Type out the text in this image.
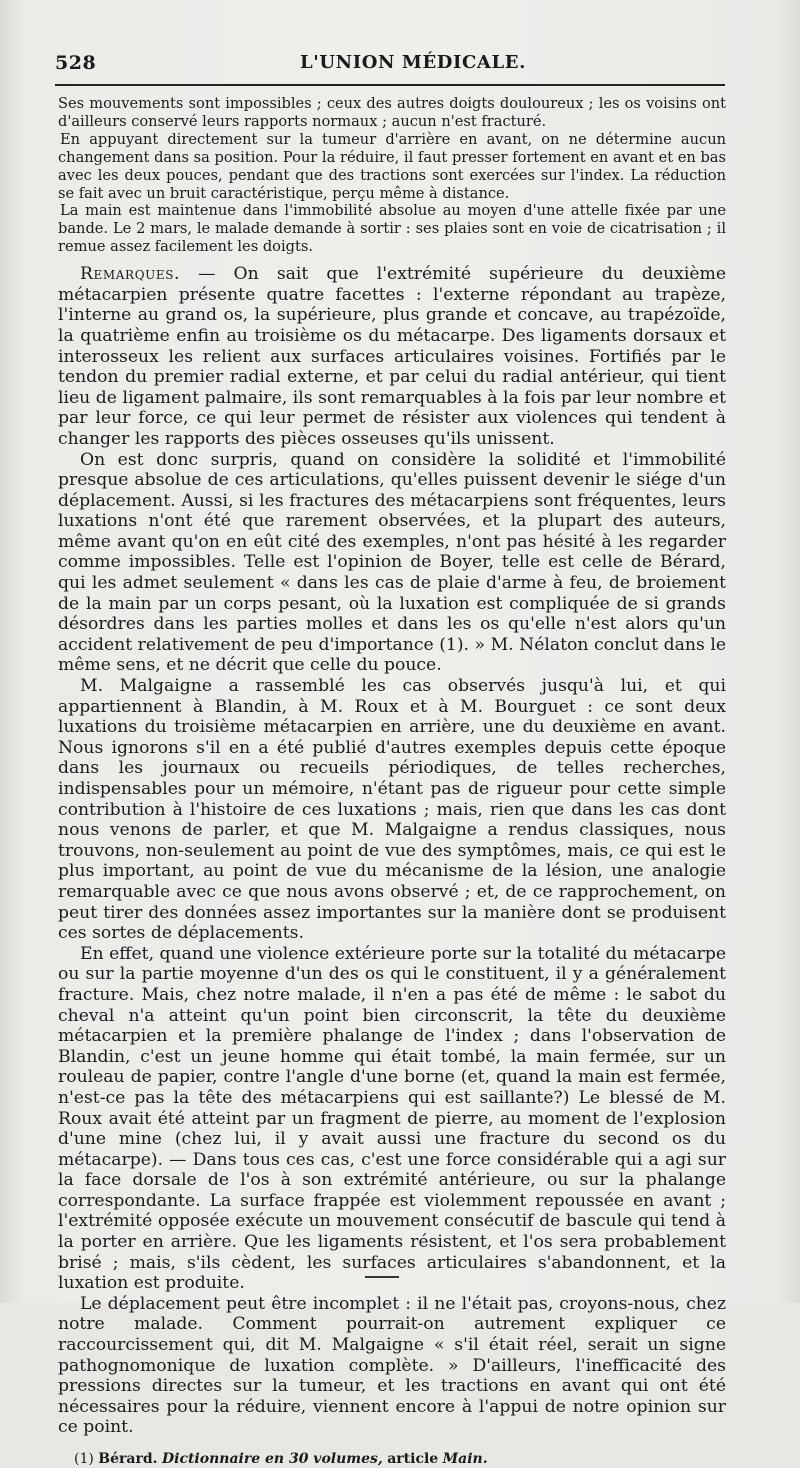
528	L'UNION MÉDICALE.

Ses mouvements sont impossibles ; ceux des autres doigts douloureux ; les os voisins ont d'ailleurs conservé leurs rapports normaux ; aucun n'est fracturé.

En appuyant directement sur la tumeur d'arrière en avant, on ne détermine aucun changement dans sa position. Pour la réduire, il faut presser fortement en avant et en bas avec les deux pouces, pendant que des tractions sont exercées sur l'index. La réduction se fait avec un bruit caractéristique, perçu même à distance.

La main est maintenue dans l'immobilité absolue au moyen d'une attelle fixée par une bande. Le 2 mars, le malade demande à sortir : ses plaies sont en voie de cicatrisation ; il remue assez facilement les doigts.

Remarques. — On sait que l'extrémité supérieure du deuxième métacarpien présente quatre facettes : l'externe répondant au trapèze, l'interne au grand os, la supérieure, plus grande et concave, au trapézoïde, la quatrième enfin au troisième os du métacarpe. Des ligaments dorsaux et interosseux les relient aux surfaces articulaires voisines. Fortifiés par le tendon du premier radial externe, et par celui du radial antérieur, qui tient lieu de ligament palmaire, ils sont remarquables à la fois par leur nombre et par leur force, ce qui leur permet de résister aux violences qui tendent à changer les rapports des pièces osseuses qu'ils unissent.

On est donc surpris, quand on considère la solidité et l'immobilité presque absolue de ces articulations, qu'elles puissent devenir le siége d'un déplacement. Aussi, si les fractures des métacarpiens sont fréquentes, leurs luxations n'ont été que rarement observées, et la plupart des auteurs, même avant qu'on en eût cité des exemples, n'ont pas hésité à les regarder comme impossibles. Telle est l'opinion de Boyer, telle est celle de Bérard, qui les admet seulement « dans les cas de plaie d'arme à feu, de broiement de la main par un corps pesant, où la luxation est compliquée de si grands désordres dans les parties molles et dans les os qu'elle n'est alors qu'un accident relativement de peu d'importance (1). » M. Nélaton conclut dans le même sens, et ne décrit que celle du pouce.

M. Malgaigne a rassemblé les cas observés jusqu'à lui, et qui appartiennent à Blandin, à M. Roux et à M. Bourguet : ce sont deux luxations du troisième métacarpien en arrière, une du deuxième en avant. Nous ignorons s'il en a été publié d'autres exemples depuis cette époque dans les journaux ou recueils périodiques, de telles recherches, indispensables pour un mémoire, n'étant pas de rigueur pour cette simple contribution à l'histoire de ces luxations ; mais, rien que dans les cas dont nous venons de parler, et que M. Malgaigne a rendus classiques, nous trouvons, non-seulement au point de vue des symptômes, mais, ce qui est le plus important, au point de vue du mécanisme de la lésion, une analogie remarquable avec ce que nous avons observé ; et, de ce rapprochement, on peut tirer des données assez importantes sur la manière dont se produisent ces sortes de déplacements.

En effet, quand une violence extérieure porte sur la totalité du métacarpe ou sur la partie moyenne d'un des os qui le constituent, il y a généralement fracture. Mais, chez notre malade, il n'en a pas été de même : le sabot du cheval n'a atteint qu'un point bien circonscrit, la tête du deuxième métacarpien et la première phalange de l'index ; dans l'observation de Blandin, c'est un jeune homme qui était tombé, la main fermée, sur un rouleau de papier, contre l'angle d'une borne (et, quand la main est fermée, n'est-ce pas la tête des métacarpiens qui est saillante?) Le blessé de M. Roux avait été atteint par un fragment de pierre, au moment de l'explosion d'une mine (chez lui, il y avait aussi une fracture du second os du métacarpe). — Dans tous ces cas, c'est une force considérable qui a agi sur la face dorsale de l'os à son extrémité antérieure, ou sur la phalange correspondante. La surface frappée est violemment repoussée en avant ; l'extrémité opposée exécute un mouvement consécutif de bascule qui tend à la porter en arrière. Que les ligaments résistent, et l'os sera probablement brisé ; mais, s'ils cèdent, les surfaces articulaires s'abandonnent, et la luxation est produite.

Le déplacement peut être incomplet : il ne l'était pas, croyons-nous, chez notre malade. Comment pourrait-on autrement expliquer ce raccourcissement qui, dit M. Malgaigne « s'il était réel, serait un signe pathognomonique de luxation complète. » D'ailleurs, l'inefficacité des pressions directes sur la tumeur, et les tractions en avant qui ont été nécessaires pour la réduire, viennent encore à l'appui de notre opinion sur ce point.

(1) Bérard. Dictionnaire en 30 volumes, article Main.
